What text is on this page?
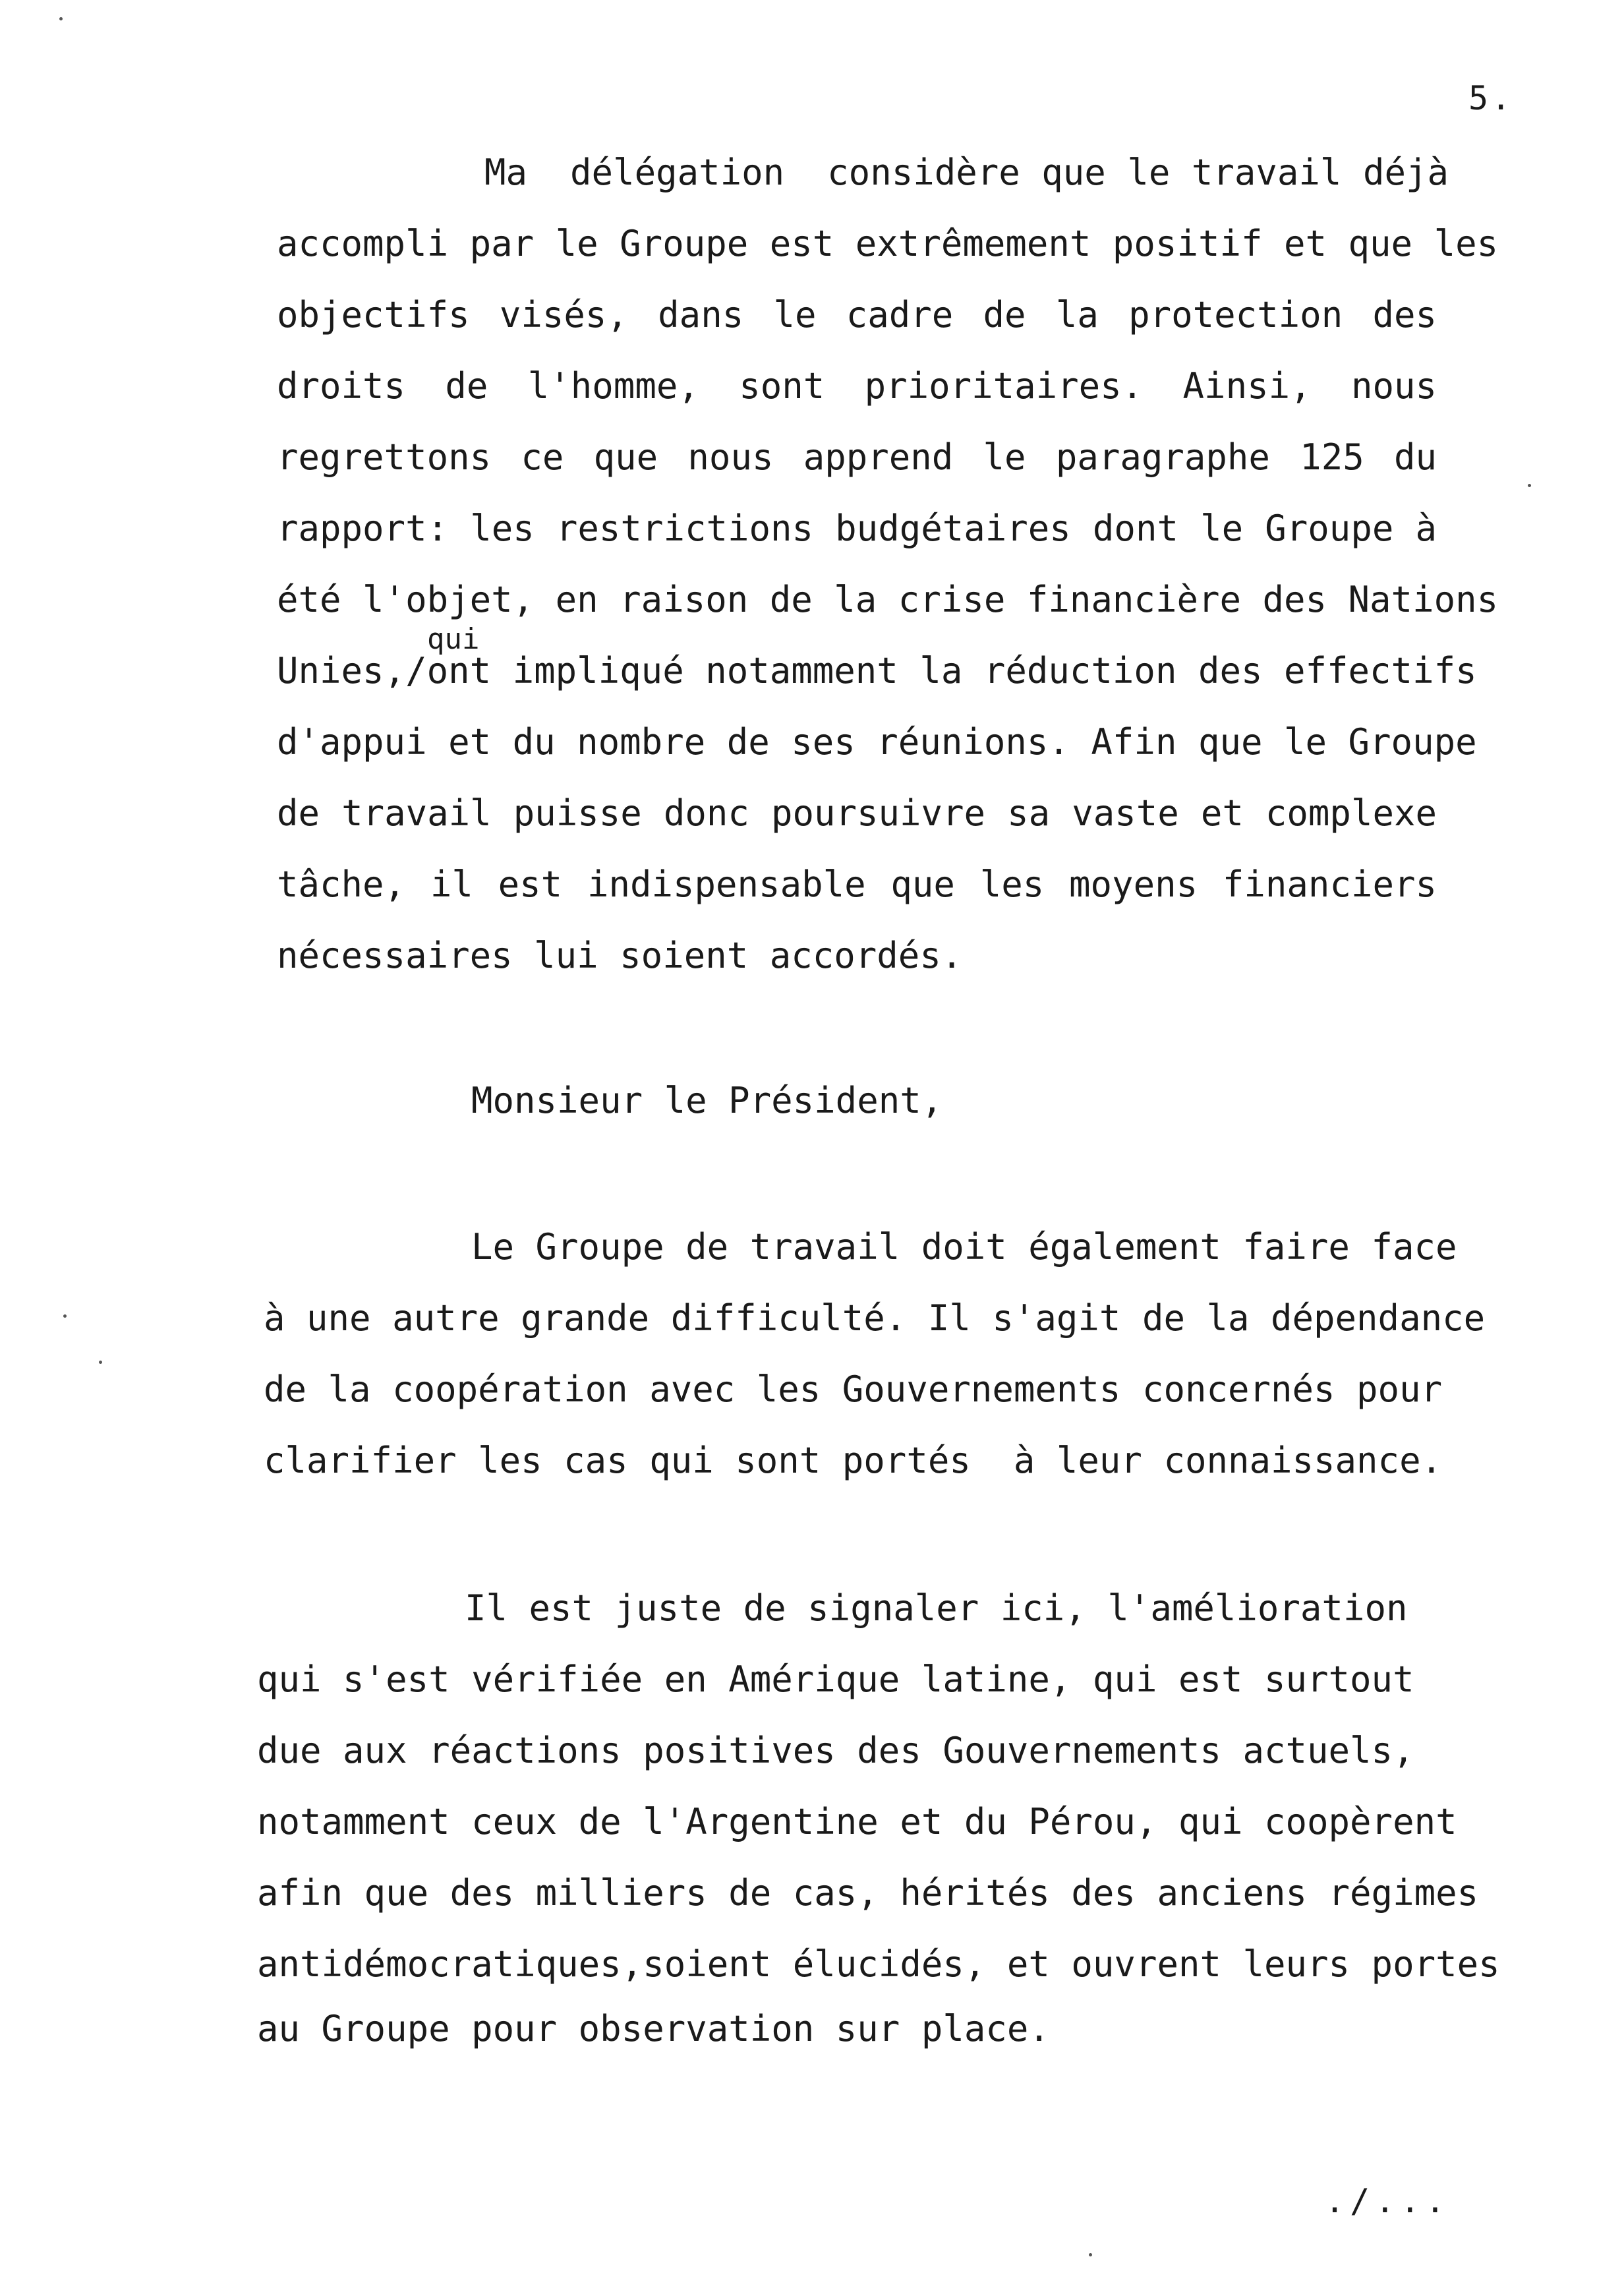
5.
Ma  délégation  considère que le travail déjà
accompli par le Groupe est extrêmement positif et que les
objectifs visés, dans le cadre de la protection des
droits de l'homme, sont prioritaires. Ainsi, nous
regrettons ce que nous apprend le paragraphe 125 du
rapport: les restrictions budgétaires dont le Groupe à
été l'objet, en raison de la crise financière des Nations
qui
Unies,/ont impliqué notamment la réduction des effectifs
d'appui et du nombre de ses réunions. Afin que le Groupe
de travail puisse donc poursuivre sa vaste et complexe
tâche, il est indispensable que les moyens financiers
nécessaires lui soient accordés.
Monsieur le Président,
Le Groupe de travail doit également faire face
à une autre grande difficulté. Il s'agit de la dépendance
de la coopération avec les Gouvernements concernés pour
clarifier les cas qui sont portés  à leur connaissance.
Il est juste de signaler ici, l'amélioration
qui s'est vérifiée en Amérique latine, qui est surtout
due aux réactions positives des Gouvernements actuels,
notamment ceux de l'Argentine et du Pérou, qui coopèrent
afin que des milliers de cas, hérités des anciens régimes
antidémocratiques,soient élucidés, et ouvrent leurs portes
au Groupe pour observation sur place.
./...
